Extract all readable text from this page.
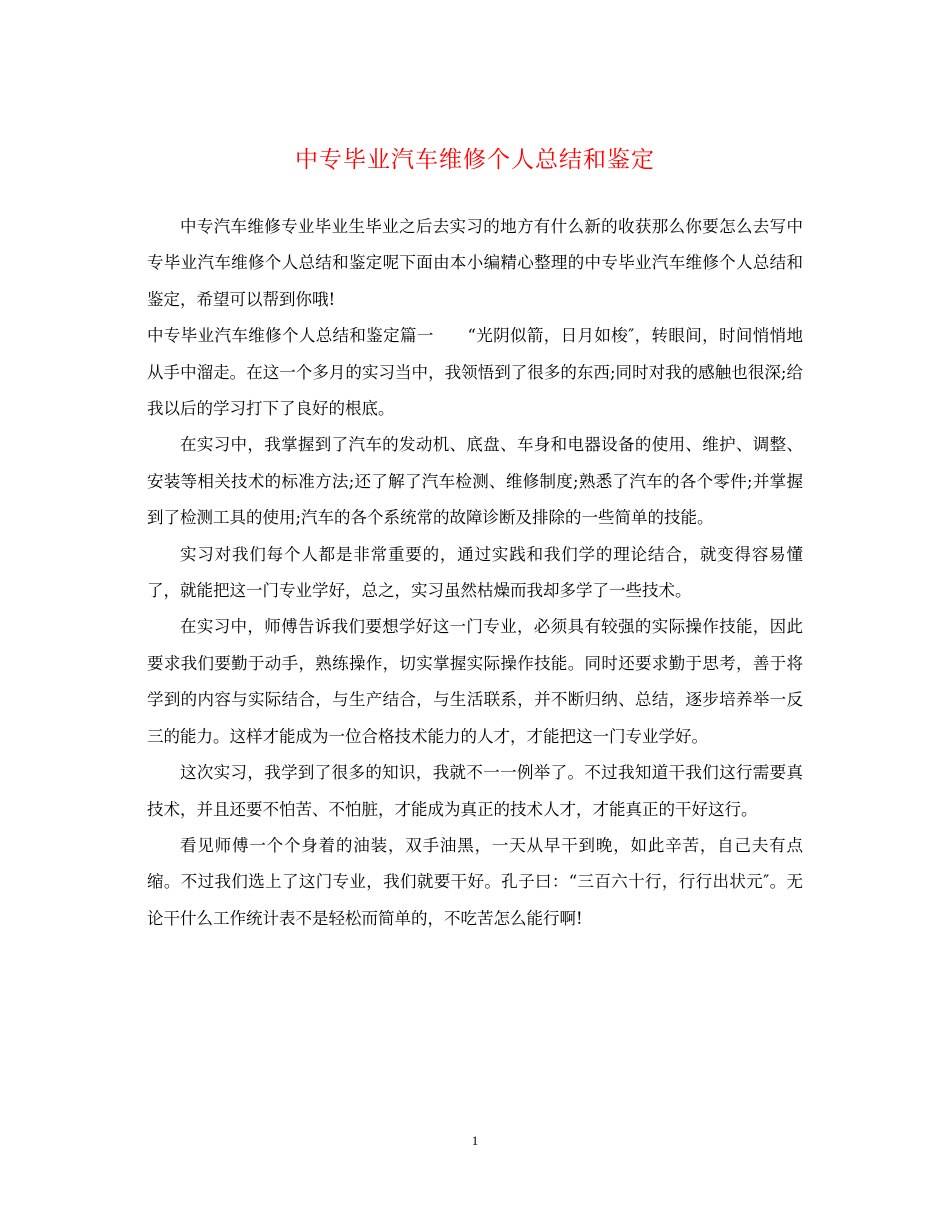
中专毕业汽车维修个人总结和鉴定

中专汽车维修专业毕业生毕业之后去实习的地方有什么新的收获那么你要怎么去写中专毕业汽车维修个人总结和鉴定呢下面由本小编精心整理的中专毕业汽车维修个人总结和鉴定，希望可以帮到你哦!

中专毕业汽车维修个人总结和鉴定篇一　　“光阴似箭，日月如梭″，转眼间，时间悄悄地从手中溜走。在这一个多月的实习当中，我领悟到了很多的东西;同时对我的感触也很深;给我以后的学习打下了良好的根底。

在实习中，我掌握到了汽车的发动机、底盘、车身和电器设备的使用、维护、调整、安装等相关技术的标准方法;还了解了汽车检测、维修制度;熟悉了汽车的各个零件;并掌握到了检测工具的使用;汽车的各个系统常的故障诊断及排除的一些简单的技能。

实习对我们每个人都是非常重要的，通过实践和我们学的理论结合，就变得容易懂了，就能把这一门专业学好，总之，实习虽然枯燥而我却多学了一些技术。

在实习中，师傅告诉我们要想学好这一门专业，必须具有较强的实际操作技能，因此要求我们要勤于动手，熟练操作，切实掌握实际操作技能。同时还要求勤于思考，善于将学到的内容与实际结合，与生产结合，与生活联系，并不断归纳、总结，逐步培养举一反三的能力。这样才能成为一位合格技术能力的人才，才能把这一门专业学好。

这次实习，我学到了很多的知识，我就不一一例举了。不过我知道干我们这行需要真技术，并且还要不怕苦、不怕脏，才能成为真正的技术人才，才能真正的干好这行。

看见师傅一个个身着的油装，双手油黑，一天从早干到晚，如此辛苦，自己夫有点缩。不过我们选上了这门专业，我们就要干好。孔子曰：“三百六十行，行行出状元″。无论干什么工作统计表不是轻松而简单的，不吃苦怎么能行啊!

1
